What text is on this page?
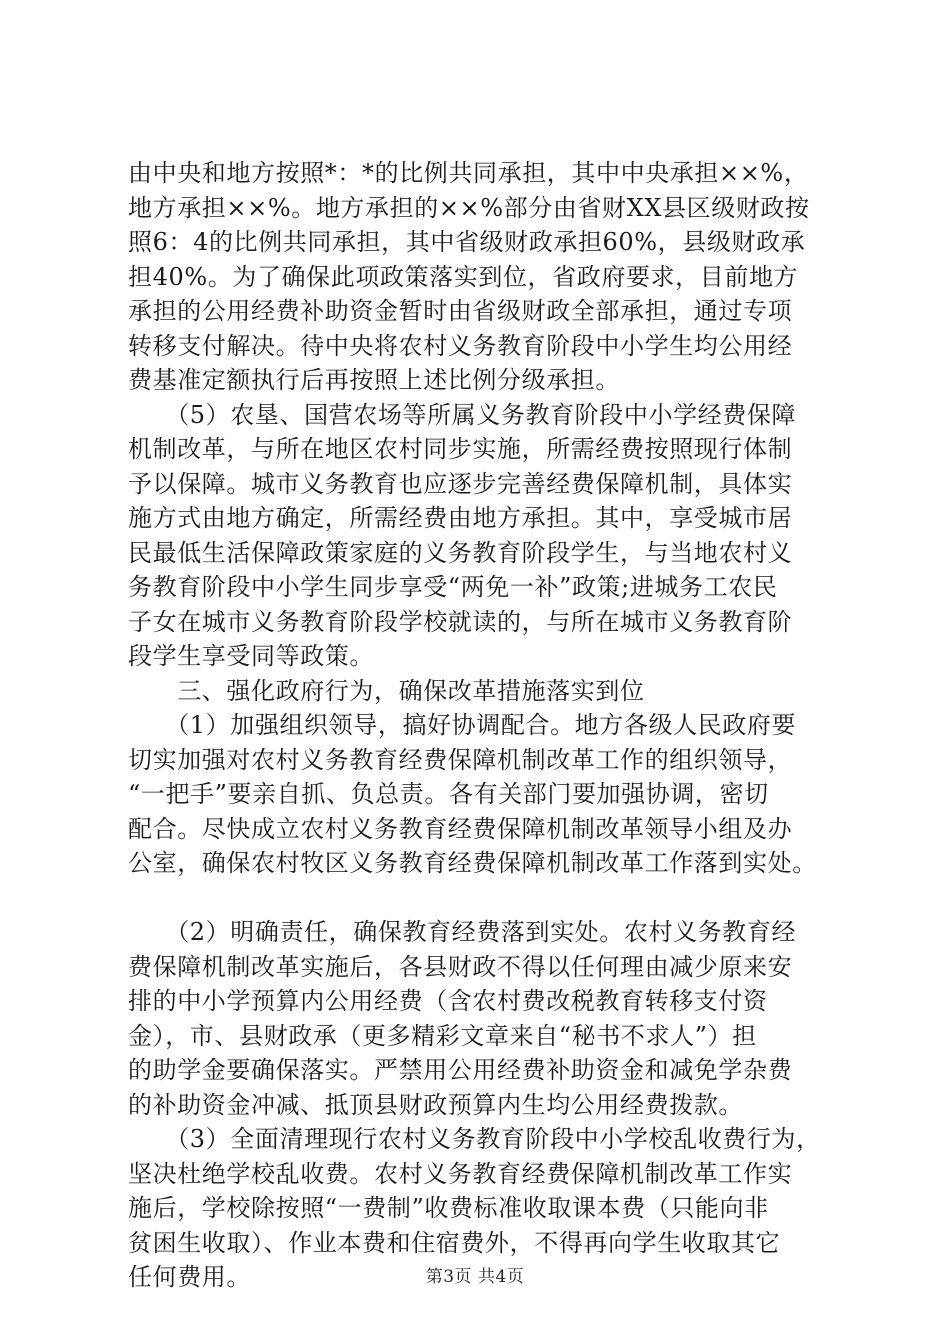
由中央和地方按照*：*的比例共同承担，其中中央承担××%，
地方承担××%。地方承担的××%部分由省财XX县区级财政按
照6：4的比例共同承担，其中省级财政承担60%，县级财政承
担40%。为了确保此项政策落实到位，省政府要求，目前地方
承担的公用经费补助资金暂时由省级财政全部承担，通过专项
转移支付解决。待中央将农村义务教育阶段中小学生均公用经
费基准定额执行后再按照上述比例分级承担。
　　（5）农垦、国营农场等所属义务教育阶段中小学经费保障
机制改革，与所在地区农村同步实施，所需经费按照现行体制
予以保障。城市义务教育也应逐步完善经费保障机制，具体实
施方式由地方确定，所需经费由地方承担。其中，享受城市居
民最低生活保障政策家庭的义务教育阶段学生，与当地农村义
务教育阶段中小学生同步享受“两免一补”政策;进城务工农民
子女在城市义务教育阶段学校就读的，与所在城市义务教育阶
段学生享受同等政策。
　　三、强化政府行为，确保改革措施落实到位
　　（1）加强组织领导，搞好协调配合。地方各级人民政府要
切实加强对农村义务教育经费保障机制改革工作的组织领导，
“一把手”要亲自抓、负总责。各有关部门要加强协调，密切
配合。尽快成立农村义务教育经费保障机制改革领导小组及办
公室，确保农村牧区义务教育经费保障机制改革工作落到实处。
　　（2）明确责任，确保教育经费落到实处。农村义务教育经
费保障机制改革实施后，各县财政不得以任何理由减少原来安
排的中小学预算内公用经费（含农村费改税教育转移支付资
金），市、县财政承（更多精彩文章来自“秘书不求人”）担
的助学金要确保落实。严禁用公用经费补助资金和减免学杂费
的补助资金冲减、抵顶县财政预算内生均公用经费拨款。
　　（3）全面清理现行农村义务教育阶段中小学校乱收费行为，
坚决杜绝学校乱收费。农村义务教育经费保障机制改革工作实
施后，学校除按照“一费制”收费标准收取课本费（只能向非
贫困生收取）、作业本费和住宿费外，不得再向学生收取其它
任何费用。	第3页 共4页
